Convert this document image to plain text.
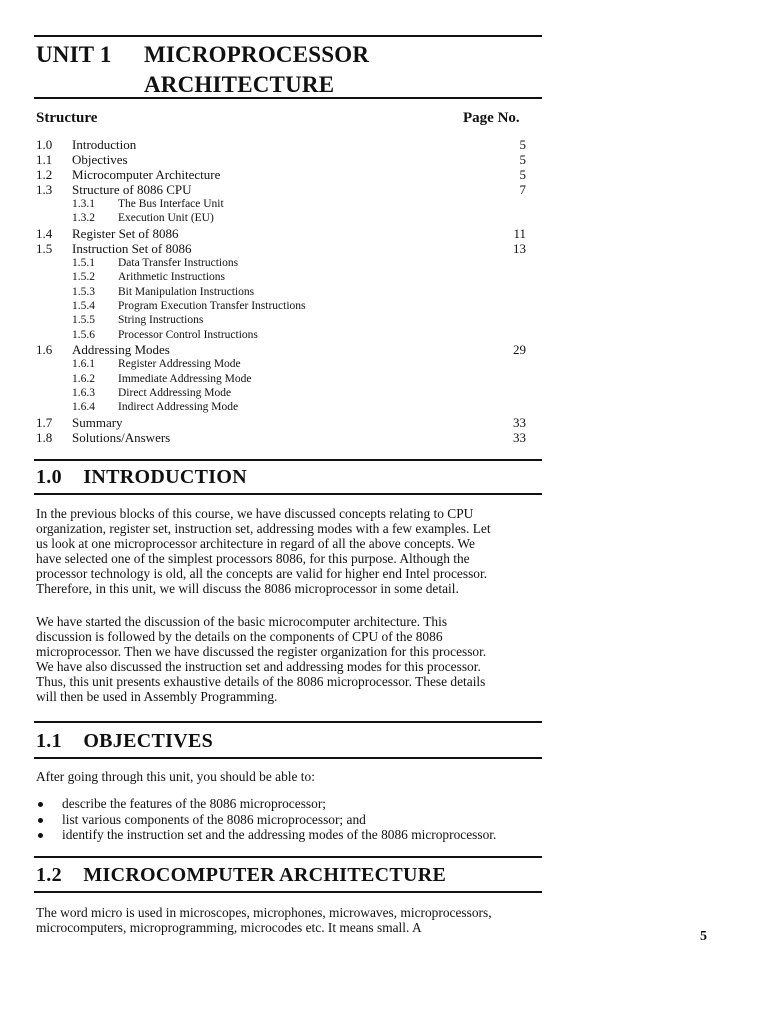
UNIT 1 MICROPROCESSOR
ARCHITECTURE
Structure	Page No.
1.0 Introduction	5
1.1 Objectives	5
1.2 Microcomputer Architecture	5
1.3 Structure of 8086 CPU	7
1.3.1 The Bus Interface Unit
1.3.2 Execution Unit (EU)
1.4 Register Set of 8086	11
1.5 Instruction Set of 8086	13
1.5.1 Data Transfer Instructions
1.5.2 Arithmetic Instructions
1.5.3 Bit Manipulation Instructions
1.5.4 Program Execution Transfer Instructions
1.5.5 String Instructions
1.5.6 Processor Control Instructions
1.6 Addressing Modes	29
1.6.1 Register Addressing Mode
1.6.2 Immediate Addressing Mode
1.6.3 Direct Addressing Mode
1.6.4 Indirect Addressing Mode
1.7 Summary	33
1.8 Solutions/Answers	33
1.0 INTRODUCTION

In the previous blocks of this course, we have discussed concepts relating to CPU
organization, register set, instruction set, addressing modes with a few examples. Let
us look at one microprocessor architecture in regard of all the above concepts. We
have selected one of the simplest processors 8086, for this purpose. Although the
processor technology is old, all the concepts are valid for higher end Intel processor.
Therefore, in this unit, we will discuss the 8086 microprocessor in some detail.

We have started the discussion of the basic microcomputer architecture. This
discussion is followed by the details on the components of CPU of the 8086
microprocessor. Then we have discussed the register organization for this processor.
We have also discussed the instruction set and addressing modes for this processor.
Thus, this unit presents exhaustive details of the 8086 microprocessor. These details
will then be used in Assembly Programming.

1.1 OBJECTIVES

After going through this unit, you should be able to:

describe the features of the 8086 microprocessor;
list various components of the 8086 microprocessor; and
identify the instruction set and the addressing modes of the 8086 microprocessor.
1.2 MICROCOMPUTER ARCHITECTURE

The word micro is used in microscopes, microphones, microwaves, microprocessors,
microcomputers, microprogramming, microcodes etc. It means small. A

5
